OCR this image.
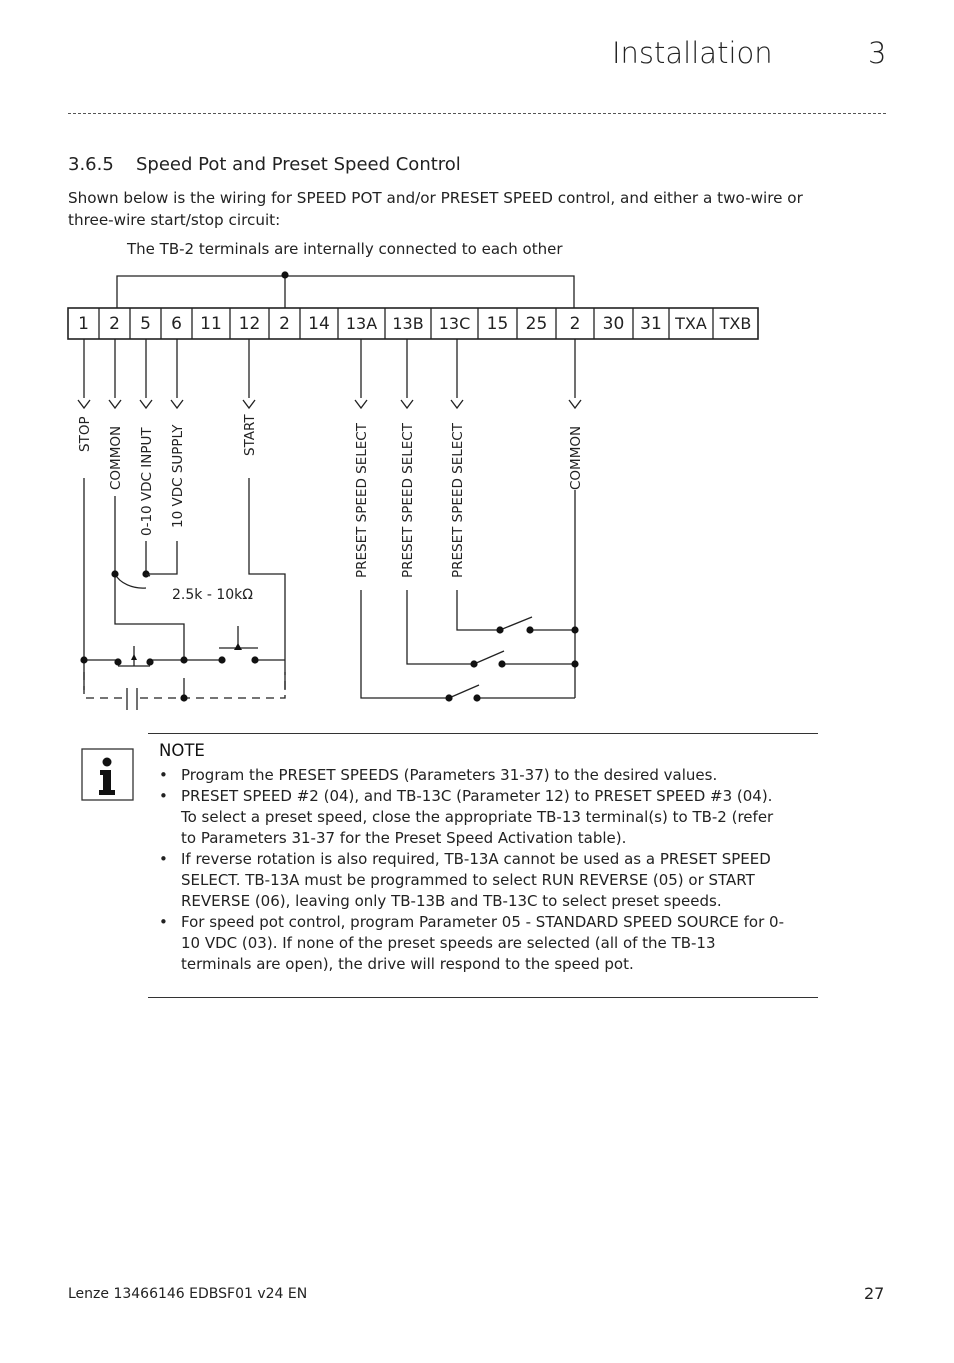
Installation	3
3.6.5 Speed Pot and Preset Speed Control
Shown below is the wiring for SPEED POT and/or PRESET SPEED control, and either a two-wire or three-wire start/stop circuit:
The TB-2 terminals are internally connected to each other
1 2 5 6 11 12 2 14 13A 13B 13C 15 25 2 30 31 TXA TXB
STOP COMMON 0-10 VDC INPUT 10 VDC SUPPLY	START	PRESET SPEED SELECT PRESET SPEED SELECT	PRESET SPEED SELECT	COMMON
2.5k - 10kΩ
NOTE
• Program the PRESET SPEEDS (Parameters 31-37) to the desired values.
• PRESET SPEED #2 (04), and TB-13C (Parameter 12) to PRESET SPEED #3 (04). To select a preset speed, close the appropriate TB-13 terminal(s) to TB-2 (refer to Parameters 31-37 for the Preset Speed Activation table).
• If reverse rotation is also required, TB-13A cannot be used as a PRESET SPEED SELECT. TB-13A must be programmed to select RUN REVERSE (05) or START REVERSE (06), leaving only TB-13B and TB-13C to select preset speeds.
• For speed pot control, program Parameter 05 - STANDARD SPEED SOURCE for 0-10 VDC (03). If none of the preset speeds are selected (all of the TB-13 terminals are open), the drive will respond to the speed pot.
Lenze 13466146 EDBSF01 v24 EN	27
